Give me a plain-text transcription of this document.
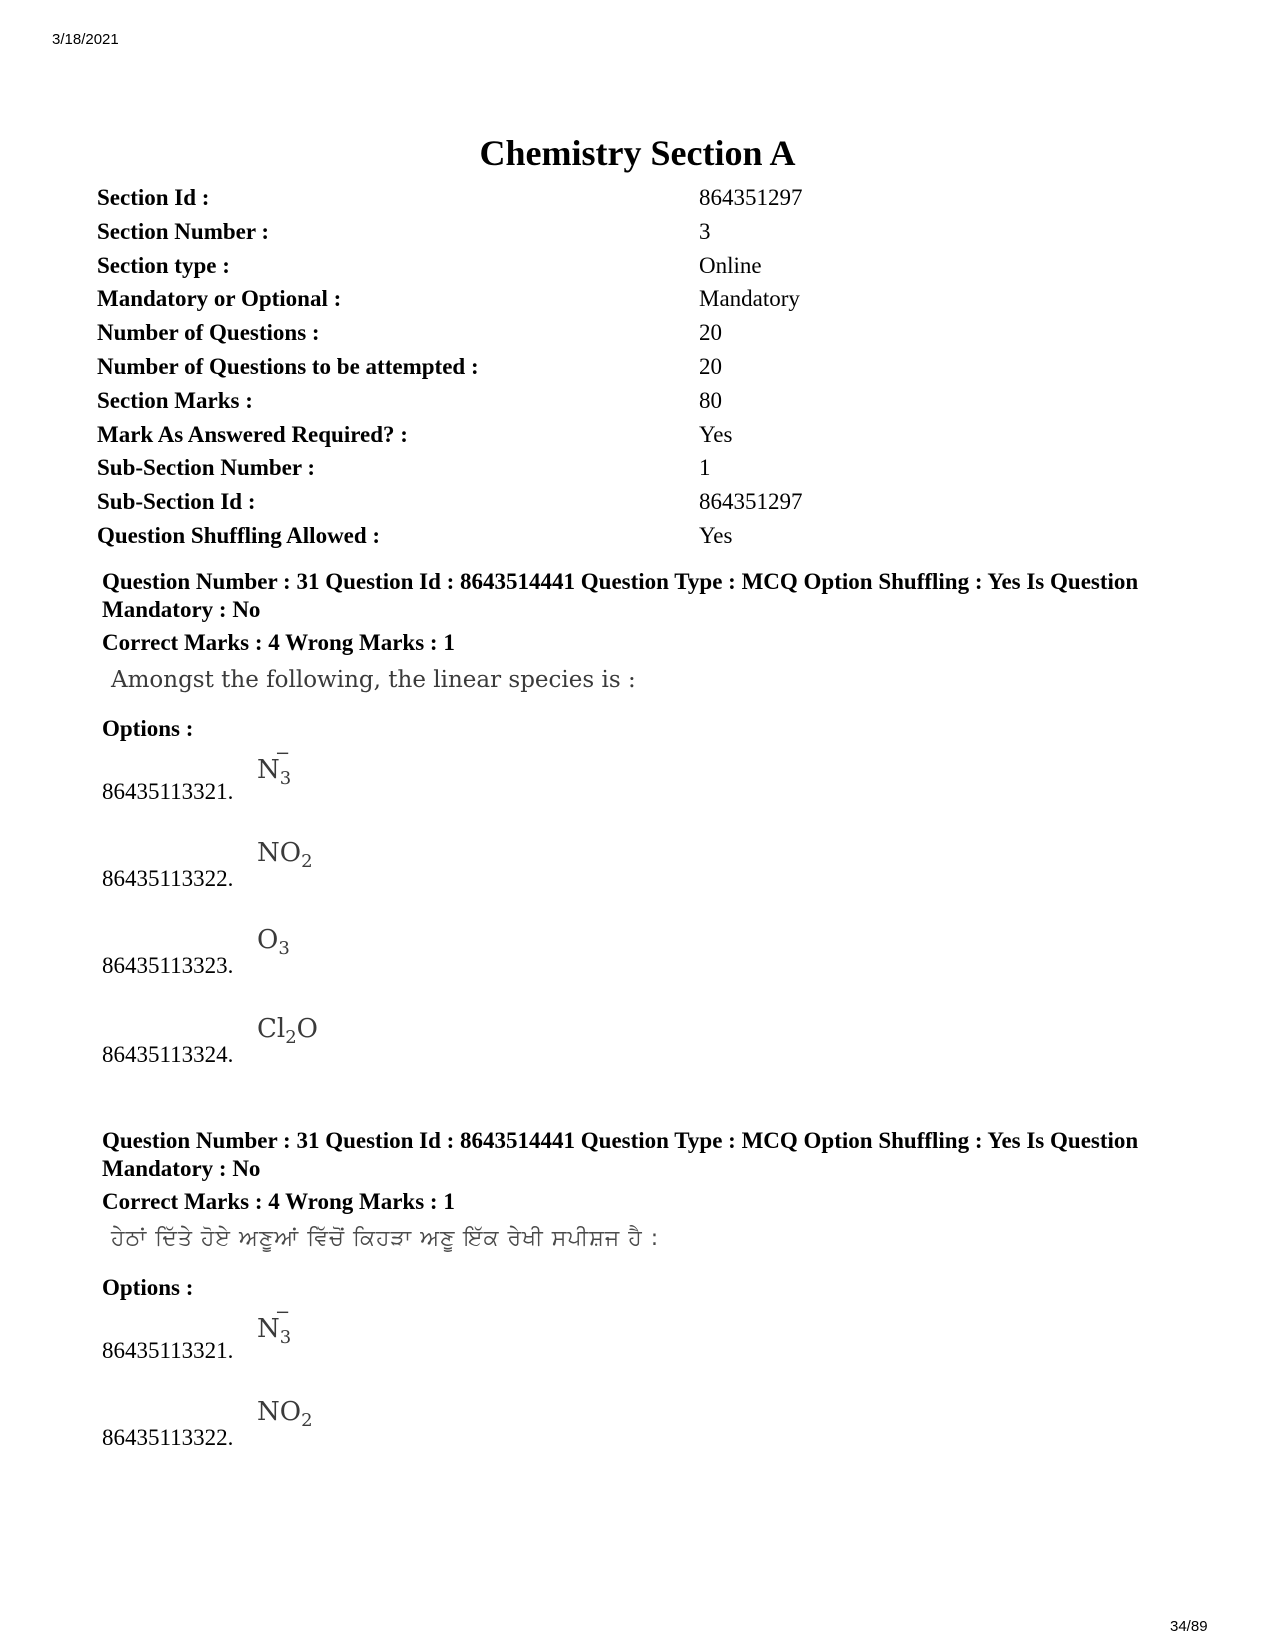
3/18/2021
Chemistry Section A
Section Id :	864351297
Section Number :	3
Section type :	Online
Mandatory or Optional :	Mandatory
Number of Questions :	20
Number of Questions to be attempted :	20
Section Marks :	80
Mark As Answered Required? :	Yes
Sub-Section Number :	1
Sub-Section Id :	864351297
Question Shuffling Allowed :	Yes
Question Number : 31 Question Id : 8643514441 Question Type : MCQ Option Shuffling : Yes Is Question Mandatory : No
Correct Marks : 4 Wrong Marks : 1
Amongst the following, the linear species is :
Options :
86435113321.
N
−
$_3$
86435113322.
$NO_2$
86435113323.
$O_3$
86435113324.
$Cl_2O$
Question Number : 31 Question Id : 8643514441 Question Type : MCQ Option Shuffling : Yes Is Question Mandatory : No
Correct Marks : 4 Wrong Marks : 1
ਹੇਠਾਂ ਦਿੱਤੇ ਹੋਏ ਅਣੂਆਂ ਵਿੱਚੋਂ ਕਿਹੜਾ ਅਣੂ ਇੱਕ ਰੇਖੀ ਸਪੀਸ਼ਜ ਹੈ :
Options :
86435113321.
N
−
$_3$
86435113322.
$NO_2$
34/89
